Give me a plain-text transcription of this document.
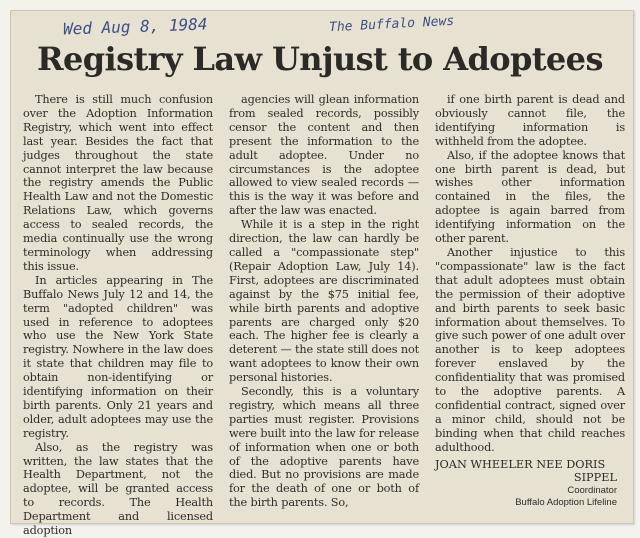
Wed Aug 8, 1984	The Buffalo News
Registry Law Unjust to Adoptees

There is still much confusion over the Adoption Information Registry, which went into effect last year. Besides the fact that judges throughout the state cannot interpret the law because the registry amends the Public Health Law and not the Domestic Relations Law, which governs access to sealed records, the media continually use the wrong terminology when addressing this issue.

In articles appearing in The Buffalo News July 12 and 14, the term "adopted children" was used in reference to adoptees who use the New York State registry. Nowhere in the law does it state that children may file to obtain non-identifying or identifying information on their birth parents. Only 21 years and older, adult adoptees may use the registry.

Also, as the registry was written, the law states that the Health Department, not the adoptee, will be granted access to records. The Health Department and licensed adoption

agencies will glean information from sealed records, possibly censor the content and then present the information to the adult adoptee. Under no circumstances is the adoptee allowed to view sealed records — this is the way it was before and after the law was enacted.

While it is a step in the right direction, the law can hardly be called a "compassionate step" (Repair Adoption Law, July 14). First, adoptees are discriminated against by the $75 initial fee, while birth parents and adoptive parents are charged only $20 each. The higher fee is clearly a deterent — the state still does not want adoptees to know their own personal histories.

Secondly, this is a voluntary registry, which means all three parties must register. Provisions were built into the law for release of information when one or both of the adoptive parents have died. But no provisions are made for the death of one or both of the birth parents. So,

if one birth parent is dead and obviously cannot file, the identifying information is withheld from the adoptee.

Also, if the adoptee knows that one birth parent is dead, but wishes other information contained in the files, the adoptee is again barred from identifying information on the other parent.

Another injustice to this "compassionate" law is the fact that adult adoptees must obtain the permission of their adoptive and birth parents to seek basic information about themselves. To give such power of one adult over another is to keep adoptees forever enslaved by the confidentiality that was promised to the adoptive parents. A confidential contract, signed over a minor child, should not be binding when that child reaches adulthood.

JOAN WHEELER NEE DORIS
SIPPEL
Coordinator
Buffalo Adoption Lifeline
